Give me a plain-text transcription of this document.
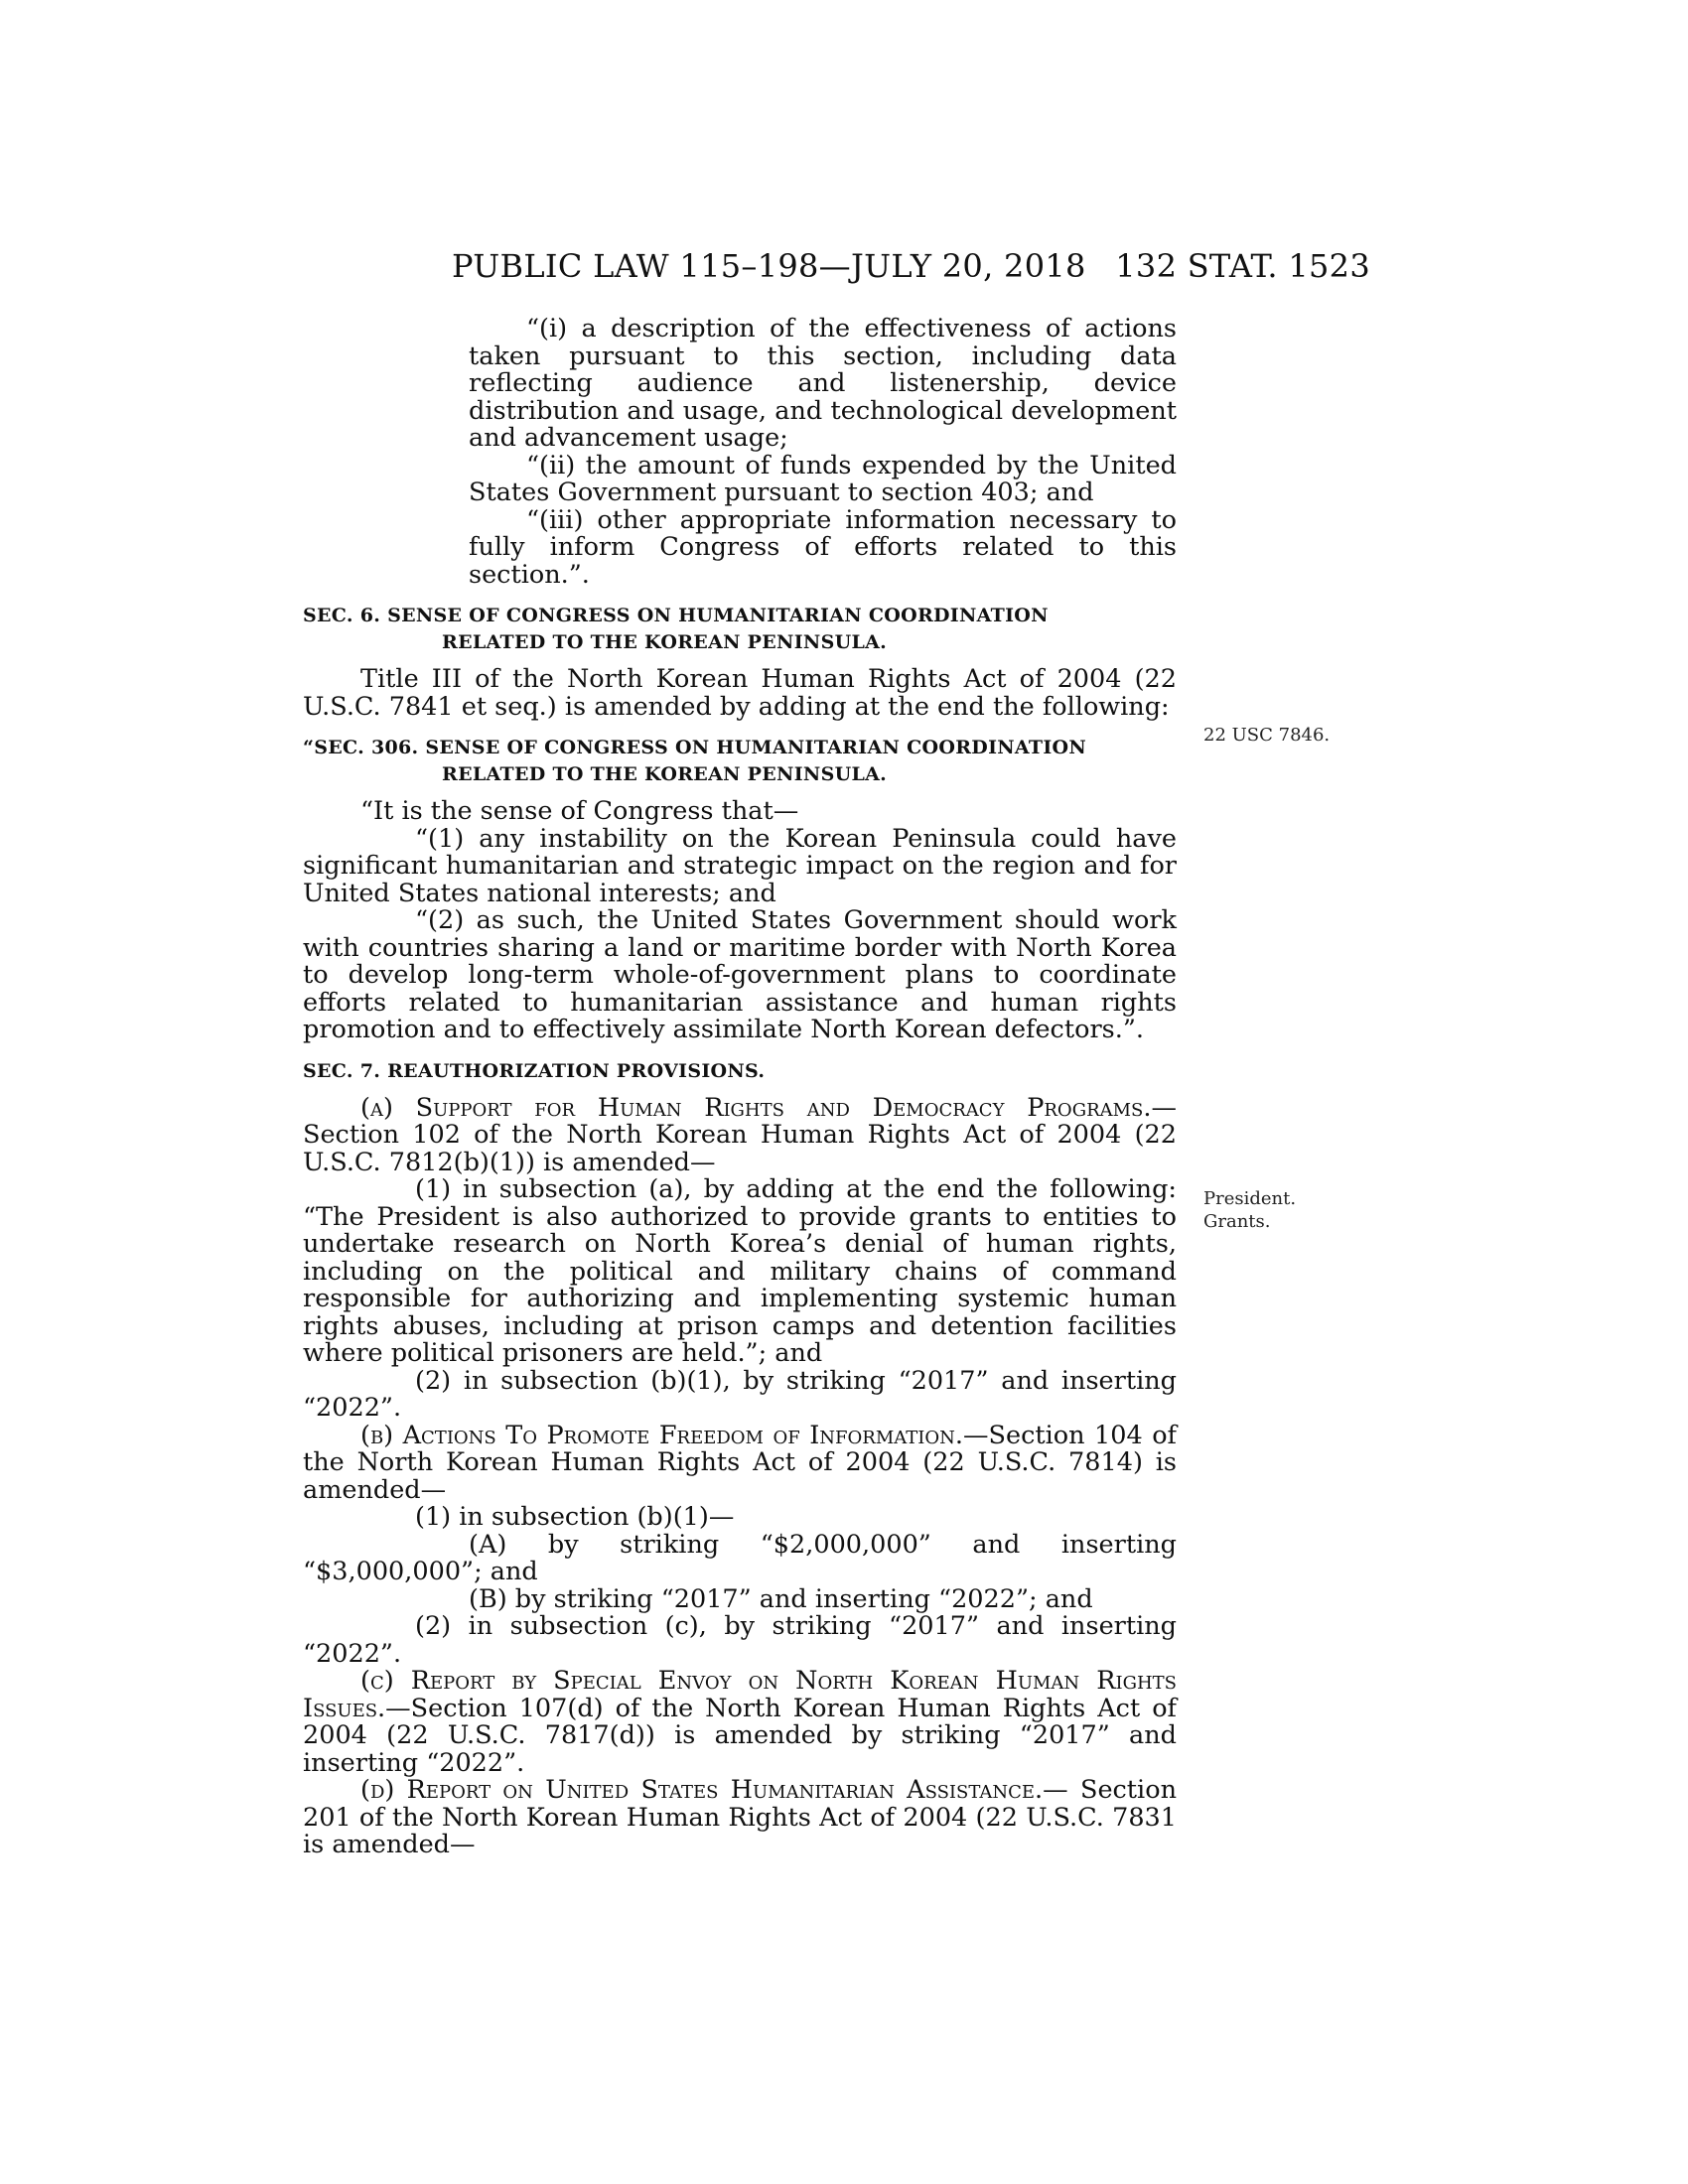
PUBLIC LAW 115–198—JULY 20, 2018 132 STAT. 1523

“(i) a description of the effectiveness of actions taken pursuant to this section, including data reflecting audience and listenership, device distribution and usage, and technological development and advancement usage;

“(ii) the amount of funds expended by the United States Government pursuant to section 403; and

“(iii) other appropriate information necessary to fully inform Congress of efforts related to this section.”.

SEC. 6. SENSE OF CONGRESS ON HUMANITARIAN COORDINATION
RELATED TO THE KOREAN PENINSULA.

Title III of the North Korean Human Rights Act of 2004 (22 U.S.C. 7841 et seq.) is amended by adding at the end the following:

“SEC. 306. SENSE OF CONGRESS ON HUMANITARIAN COORDINATION
RELATED TO THE KOREAN PENINSULA.

“It is the sense of Congress that—

“(1) any instability on the Korean Peninsula could have significant humanitarian and strategic impact on the region and for United States national interests; and

“(2) as such, the United States Government should work with countries sharing a land or maritime border with North Korea to develop long-term whole-of-government plans to coordinate efforts related to humanitarian assistance and human rights promotion and to effectively assimilate North Korean defectors.”.

SEC. 7. REAUTHORIZATION PROVISIONS.

(a) Support for Human Rights and Democracy Programs.— Section 102 of the North Korean Human Rights Act of 2004 (22 U.S.C. 7812(b)(1)) is amended—

(1) in subsection (a), by adding at the end the following: “The President is also authorized to provide grants to entities to undertake research on North Korea’s denial of human rights, including on the political and military chains of command responsible for authorizing and implementing systemic human rights abuses, including at prison camps and detention facilities where political prisoners are held.”; and

(2) in subsection (b)(1), by striking “2017” and inserting “2022”.

(b) Actions To Promote Freedom of Information.—Section 104 of the North Korean Human Rights Act of 2004 (22 U.S.C. 7814) is amended—

(1) in subsection (b)(1)—

(A) by striking “$2,000,000” and inserting “$3,000,000”; and

(B) by striking “2017” and inserting “2022”; and

(2) in subsection (c), by striking “2017” and inserting “2022”.

(c) Report by Special Envoy on North Korean Human Rights Issues.—Section 107(d) of the North Korean Human Rights Act of 2004 (22 U.S.C. 7817(d)) is amended by striking “2017” and inserting “2022”.

(d) Report on United States Humanitarian Assistance.— Section 201 of the North Korean Human Rights Act of 2004 (22 U.S.C. 7831 is amended—

22 USC 7846.
President.
Grants.
